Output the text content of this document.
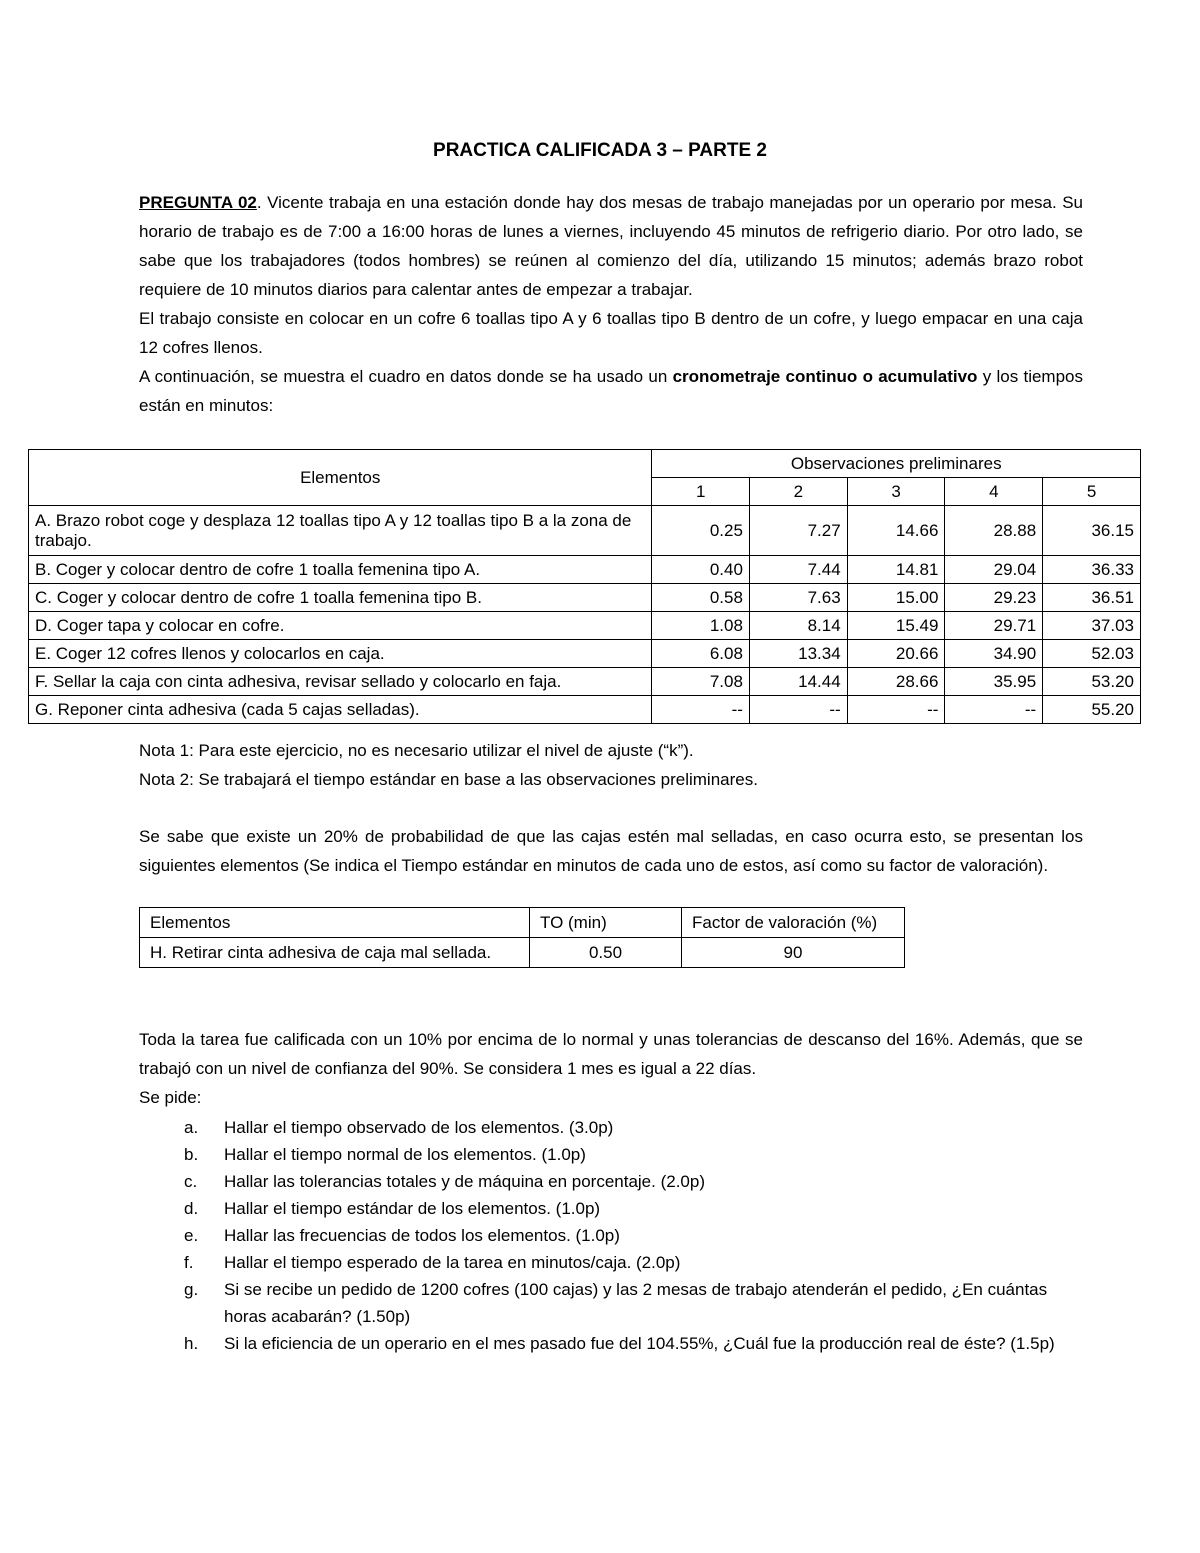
PRACTICA CALIFICADA 3 – PARTE 2
PREGUNTA 02. Vicente trabaja en una estación donde hay dos mesas de trabajo manejadas por un operario por mesa. Su horario de trabajo es de 7:00 a 16:00 horas de lunes a viernes, incluyendo 45 minutos de refrigerio diario. Por otro lado, se sabe que los trabajadores (todos hombres) se reúnen al comienzo del día, utilizando 15 minutos; además brazo robot requiere de 10 minutos diarios para calentar antes de empezar a trabajar.
El trabajo consiste en colocar en un cofre 6 toallas tipo A y 6 toallas tipo B dentro de un cofre, y luego empacar en una caja 12 cofres llenos.
A continuación, se muestra el cuadro en datos donde se ha usado un cronometraje continuo o acumulativo y los tiempos están en minutos:
Elementos	Observaciones preliminares				
	1	2	3	4	5
A. Brazo robot coge y desplaza 12 toallas tipo A y 12 toallas tipo B a la zona de trabajo.	0.25	7.27	14.66	28.88	36.15
B. Coger y colocar dentro de cofre 1 toalla femenina tipo A.	0.40	7.44	14.81	29.04	36.33
C. Coger y colocar dentro de cofre 1 toalla femenina tipo B.	0.58	7.63	15.00	29.23	36.51
D. Coger tapa y colocar en cofre.	1.08	8.14	15.49	29.71	37.03
E. Coger 12 cofres llenos y colocarlos en caja.	6.08	13.34	20.66	34.90	52.03
F. Sellar la caja con cinta adhesiva, revisar sellado y colocarlo en faja.	7.08	14.44	28.66	35.95	53.20
G. Reponer cinta adhesiva (cada 5 cajas selladas).	--	--	--	--	55.20
Nota 1: Para este ejercicio, no es necesario utilizar el nivel de ajuste (“k”).
Nota 2: Se trabajará el tiempo estándar en base a las observaciones preliminares.
Se sabe que existe un 20% de probabilidad de que las cajas estén mal selladas, en caso ocurra esto, se presentan los siguientes elementos (Se indica el Tiempo estándar en minutos de cada uno de estos, así como su factor de valoración).
Elementos	TO (min)	Factor de valoración (%)
H. Retirar cinta adhesiva de caja mal sellada.	0.50	90
Toda la tarea fue calificada con un 10% por encima de lo normal y unas tolerancias de descanso del 16%. Además, que se trabajó con un nivel de confianza del 90%. Se considera 1 mes es igual a 22 días.
Se pide:
a. Hallar el tiempo observado de los elementos. (3.0p)
b. Hallar el tiempo normal de los elementos. (1.0p)
c. Hallar las tolerancias totales y de máquina en porcentaje. (2.0p)
d. Hallar el tiempo estándar de los elementos. (1.0p)
e. Hallar las frecuencias de todos los elementos. (1.0p)
f. Hallar el tiempo esperado de la tarea en minutos/caja. (2.0p)
g. Si se recibe un pedido de 1200 cofres (100 cajas) y las 2 mesas de trabajo atenderán el pedido, ¿En cuántas horas acabarán? (1.50p)
h. Si la eficiencia de un operario en el mes pasado fue del 104.55%, ¿Cuál fue la producción real de éste? (1.5p)
